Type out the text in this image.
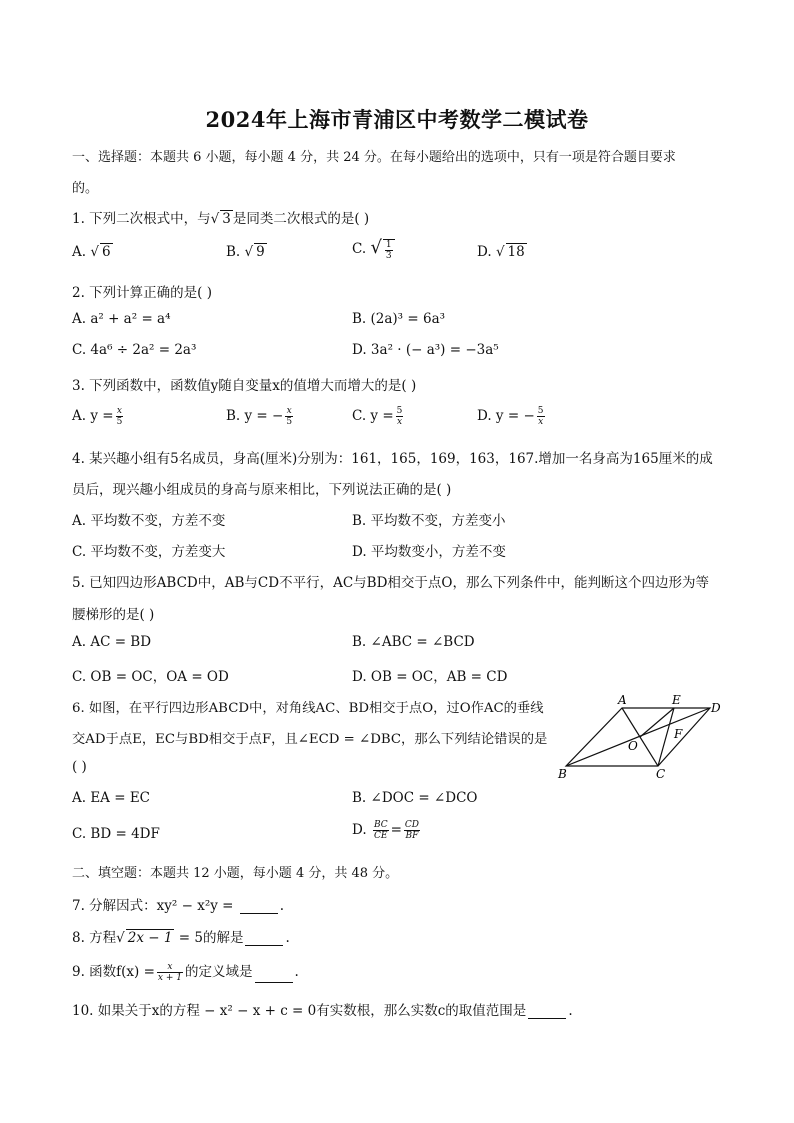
2024年上海市青浦区中考数学二模试卷
一、选择题：本题共 6 小题，每小题 4 分，共 24 分。在每小题给出的选项中，只有一项是符合题目要求
的。
1. 下列二次根式中，与√ 3 是同类二次根式的是( )
A. √ 6	B. √ 9	C. √ $\frac{1}{3}$	D. √ 18
2. 下列计算正确的是( )
A. a² + a² = a⁴	B. (2a)³ = 6a³
C. 4a⁶ ÷ 2a² = 2a³	D. 3a² · (− a³) = −3a⁵
3. 下列函数中，函数值y随自变量x的值增大而增大的是( )
A. $y = \frac{x}{5}$	B. y = − $\frac{x}{5}$	C. $y = \frac{5}{x}$	D. y = − $\frac{5}{x}$
4. 某兴趣小组有5名成员，身高(厘米)分别为：161，165，169，163，167.增加一名身高为165厘米的成
员后，现兴趣小组成员的身高与原来相比，下列说法正确的是( )
A. 平均数不变，方差不变	B. 平均数不变，方差变小
C. 平均数不变，方差变大	D. 平均数变小，方差不变
5. 已知四边形ABCD中，AB与CD不平行，AC与BD相交于点O，那么下列条件中，能判断这个四边形为等
腰梯形的是( )
A. AC = BD	B. ∠ABC = ∠BCD
C. OB = OC，OA = OD	D. OB = OC，AB = CD
6. 如图，在平行四边形ABCD中，对角线AC、BD相交于点O，过O作AC的垂线
交AD于点E，EC与BD相交于点F，且∠ECD = ∠DBC，那么下列结论错误的是
( )
A	E
D
O
F
B	C
A. EA = EC	B. ∠DOC = ∠DCO
C. BD = 4DF	D. $\frac{BC}{CE} = \frac{CD}{BF}$
二、填空题：本题共 12 小题，每小题 4 分，共 48 分。
7. 分解因式：xy² − x²y =	.
8. 方程√ 2x − 1 = 5的解是	.
9. 函数$f(x) = \frac{x}{x + 1}$ 的定义域是	.
10. 如果关于x的方程 − x² − x + c = 0有实数根，那么实数c的取值范围是	.
